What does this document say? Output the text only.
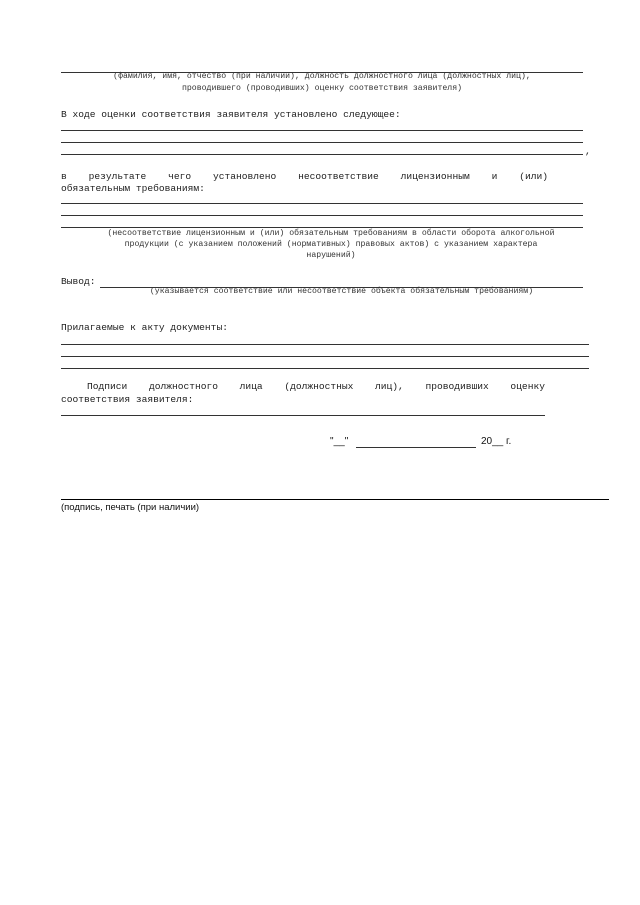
(фамилия, имя, отчество (при наличии), должность должностного лица (должностных лиц),
проводившего (проводивших) оценку соответствия заявителя)
В ходе оценки соответствия заявителя установлено следующее:
,
в результате чего установлено несоответствие лицензионным и (или)
обязательным требованиям:
(несоответствие лицензионным и (или) обязательным требованиям в области оборота алкогольной
продукции (с указанием положений (нормативных) правовых актов) с указанием характера
нарушений)
Вывод:
(указывается соответствие или несоответствие объекта обязательным требованиям)
Прилагаемые к акту документы:
Подписи должностного лица (должностных лиц), проводивших оценку
соответствия заявителя:
"__"	20__ г.
(подпись, печать (при наличии)
